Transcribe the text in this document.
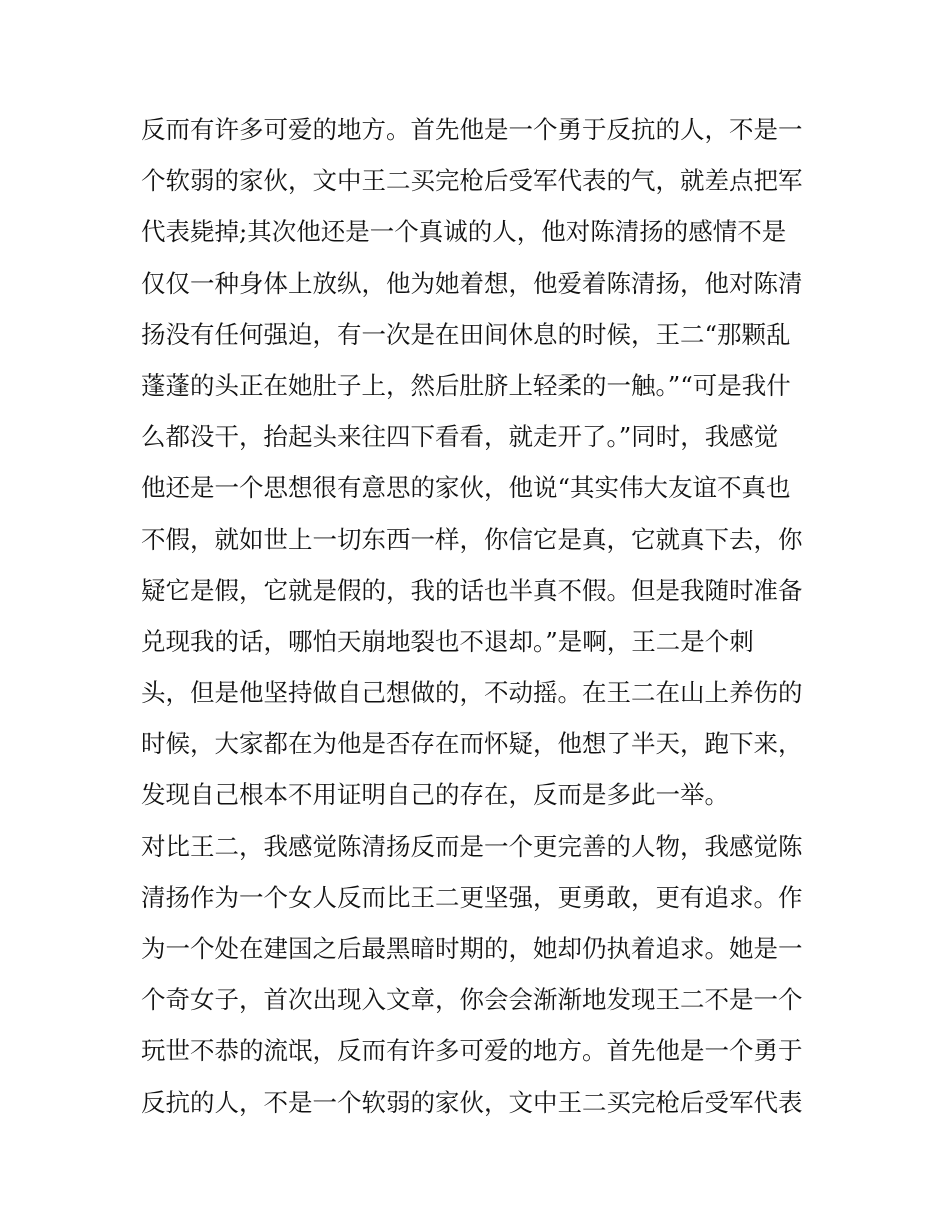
反而有许多可爱的地方。首先他是一个勇于反抗的人，不是一
个软弱的家伙，文中王二买完枪后受军代表的气，就差点把军
代表毙掉;其次他还是一个真诚的人，他对陈清扬的感情不是
仅仅一种身体上放纵，他为她着想，他爱着陈清扬，他对陈清
扬没有任何强迫，有一次是在田间休息的时候，王二“那颗乱
蓬蓬的头正在她肚子上，然后肚脐上轻柔的一触。”“可是我什
么都没干，抬起头来往四下看看，就走开了。”同时，我感觉
他还是一个思想很有意思的家伙，他说“其实伟大友谊不真也
不假，就如世上一切东西一样，你信它是真，它就真下去，你
疑它是假，它就是假的，我的话也半真不假。但是我随时准备
兑现我的话，哪怕天崩地裂也不退却。”是啊，王二是个刺
头，但是他坚持做自己想做的，不动摇。在王二在山上养伤的
时候，大家都在为他是否存在而怀疑，他想了半天，跑下来，
发现自己根本不用证明自己的存在，反而是多此一举。
对比王二，我感觉陈清扬反而是一个更完善的人物，我感觉陈
清扬作为一个女人反而比王二更坚强，更勇敢，更有追求。作
为一个处在建国之后最黑暗时期的，她却仍执着追求。她是一
个奇女子，首次出现入文章，你会会渐渐地发现王二不是一个
玩世不恭的流氓，反而有许多可爱的地方。首先他是一个勇于
反抗的人，不是一个软弱的家伙，文中王二买完枪后受军代表
